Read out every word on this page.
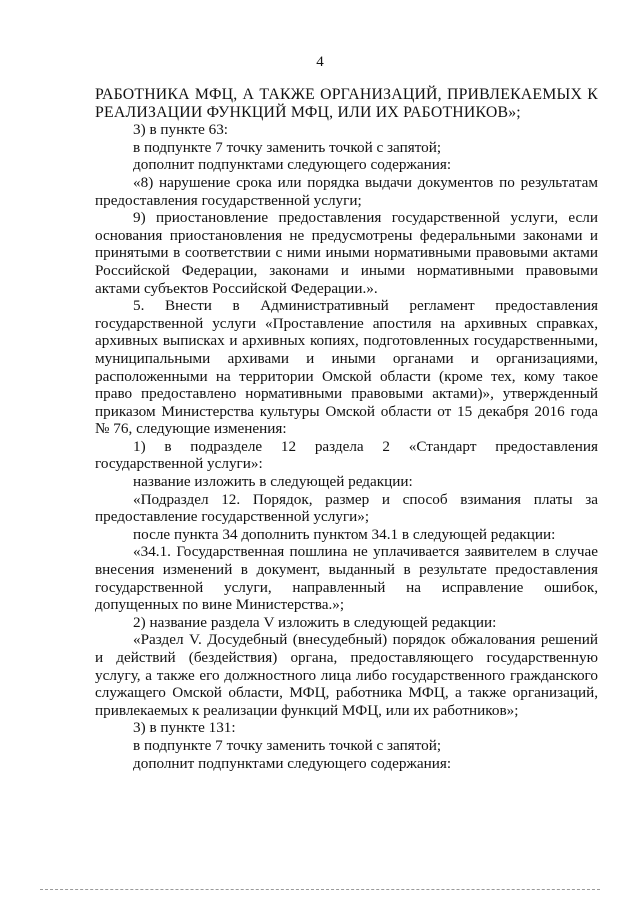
4

РАБОТНИКА МФЦ, А ТАКЖЕ ОРГАНИЗАЦИЙ, ПРИВЛЕКАЕМЫХ К РЕАЛИЗАЦИИ ФУНКЦИЙ МФЦ, ИЛИ ИХ РАБОТНИКОВ»;

3) в пункте 63:

в подпункте 7 точку заменить точкой с запятой;

дополнит подпунктами следующего содержания:

«8) нарушение срока или порядка выдачи документов по результатам предоставления государственной услуги;

9) приостановление предоставления государственной услуги, если основания приостановления не предусмотрены федеральными законами и принятыми в соответствии с ними иными нормативными правовыми актами Российской Федерации, законами и иными нормативными правовыми актами субъектов Российской Федерации.».

5. Внести в Административный регламент предоставления государственной услуги «Проставление апостиля на архивных справках, архивных выписках и архивных копиях, подготовленных государственными, муниципальными архивами и иными органами и организациями, расположенными на территории Омской области (кроме тех, кому такое право предоставлено нормативными правовыми актами)», утвержденный приказом Министерства культуры Омской области от 15 декабря 2016 года № 76, следующие изменения:

1) в подразделе 12 раздела 2 «Стандарт предоставления государственной услуги»:

название изложить в следующей редакции:

«Подраздел 12. Порядок, размер и способ взимания платы за предоставление государственной услуги»;

после пункта 34 дополнить пунктом 34.1 в следующей редакции:

«34.1. Государственная пошлина не уплачивается заявителем в случае внесения изменений в документ, выданный в результате предоставления государственной услуги, направленный на исправление ошибок, допущенных по вине Министерства.»;

2) название раздела V изложить в следующей редакции:

«Раздел V. Досудебный (внесудебный) порядок обжалования решений и действий (бездействия) органа, предоставляющего государственную услугу, а также его должностного лица либо государственного гражданского служащего Омской области, МФЦ, работника МФЦ, а также организаций, привлекаемых к реализации функций МФЦ, или их работников»;

3) в пункте 131:

в подпункте 7 точку заменить точкой с запятой;

дополнит подпунктами следующего содержания:
